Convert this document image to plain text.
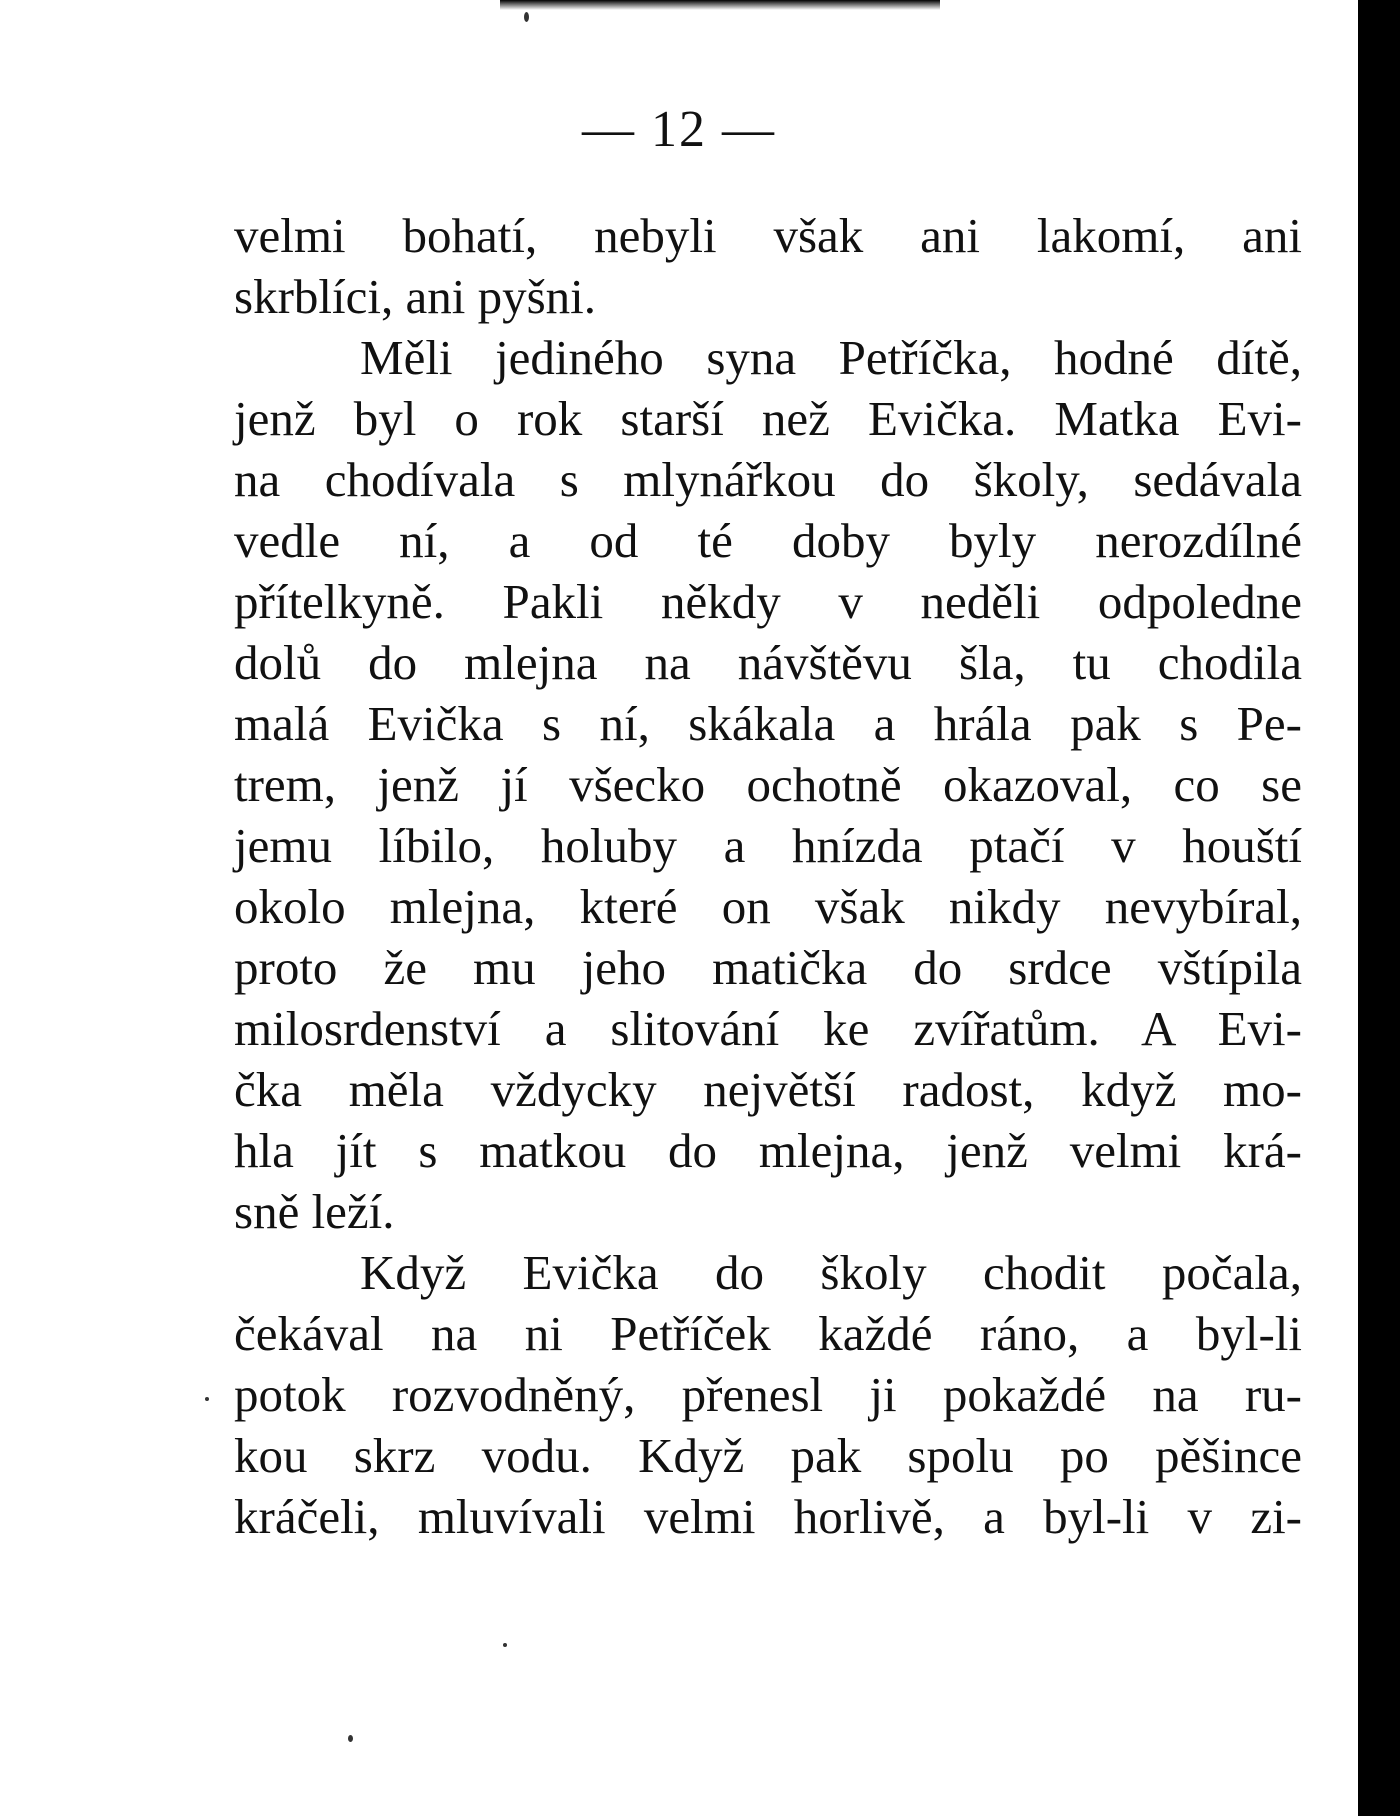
— 12 —
velmi bohatí, nebyli však ani lakomí, ani
skrblíci, ani pyšni.
Měli jediného syna Petříčka, hodné dítě,
jenž byl o rok starší než Evička. Matka Evi-
na chodívala s mlynářkou do školy, sedávala
vedle ní, a od té doby byly nerozdílné
přítelkyně. Pakli někdy v neděli odpoledne
dolů do mlejna na návštěvu šla, tu chodila
malá Evička s ní, skákala a hrála pak s Pe-
trem, jenž jí všecko ochotně okazoval, co se
jemu líbilo, holuby a hnízda ptačí v houští
okolo mlejna, které on však nikdy nevybíral,
proto že mu jeho matička do srdce vštípila
milosrdenství a slitování ke zvířatům. A Evi-
čka měla vždycky největší radost, když mo-
hla jít s matkou do mlejna, jenž velmi krá-
sně leží.
Když Evička do školy chodit počala,
čekával na ni Petříček každé ráno, a byl-li
potok rozvodněný, přenesl ji pokaždé na ru-
kou skrz vodu. Když pak spolu po pěšince
kráčeli, mluvívali velmi horlivě, a byl-li v zi-
